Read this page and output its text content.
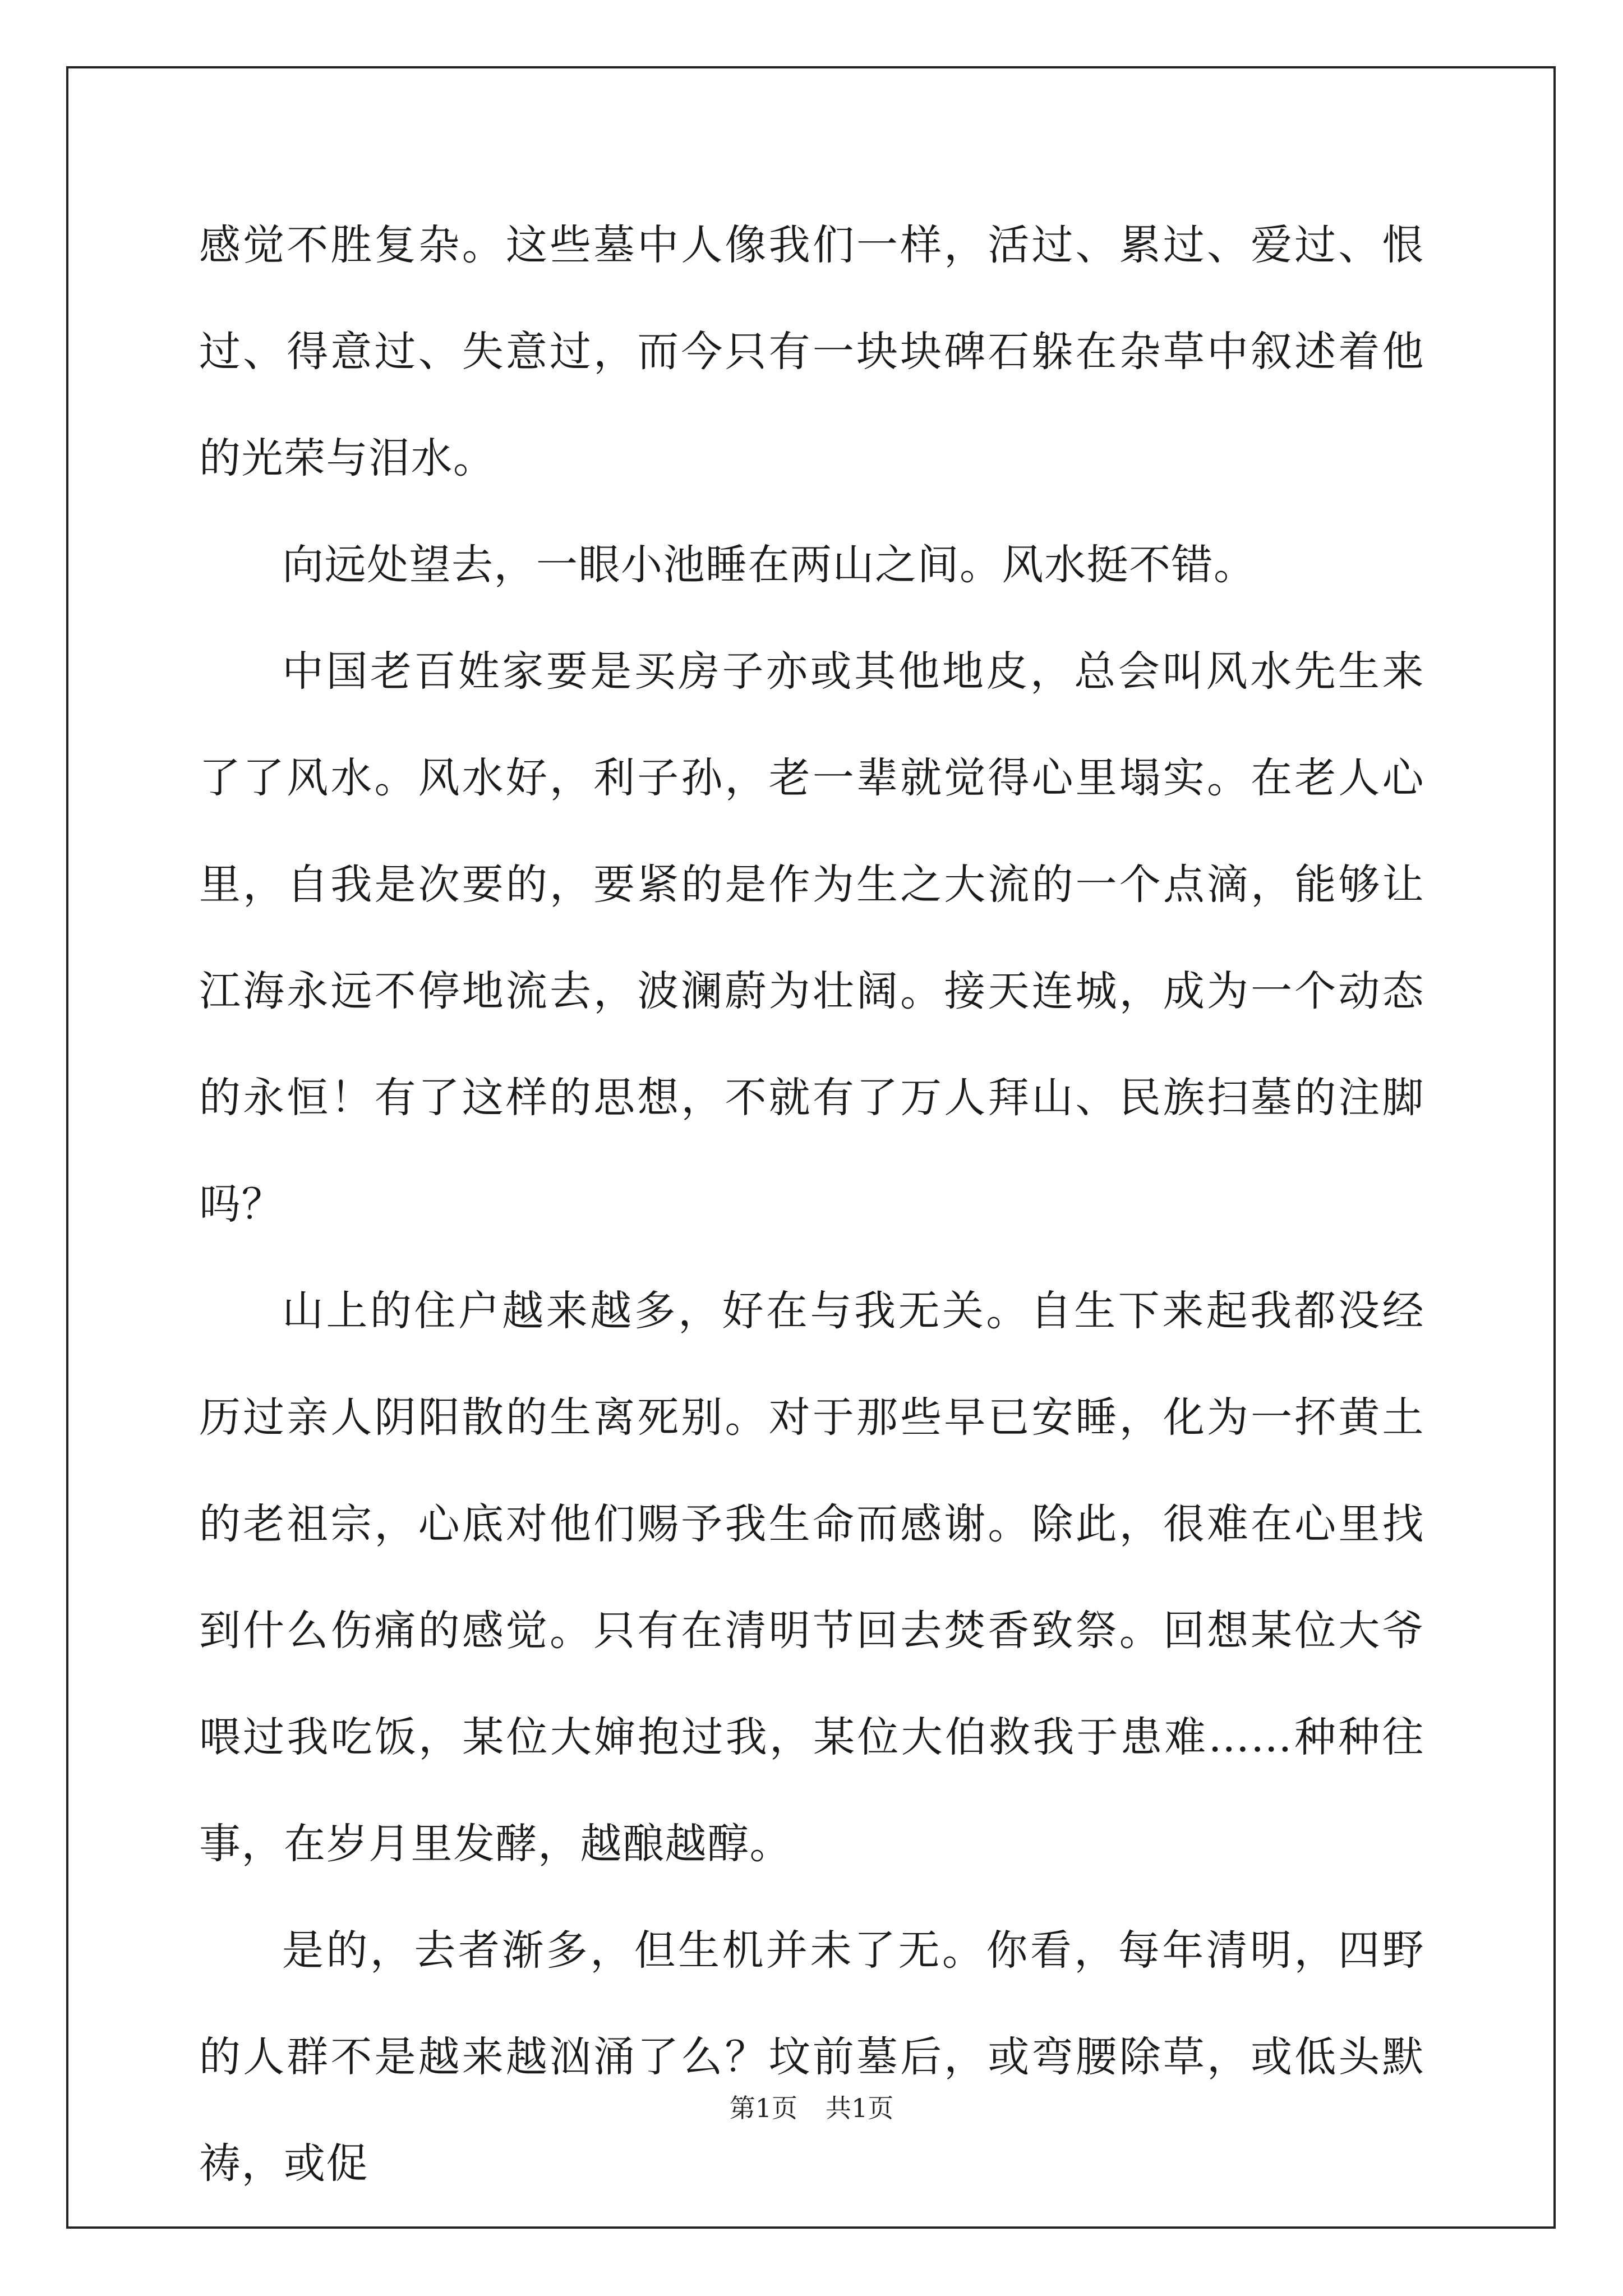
感觉不胜复杂。这些墓中人像我们一样，活过、累过、爱过、恨过、得意过、失意过，而今只有一块块碑石躲在杂草中叙述着他的光荣与泪水。

向远处望去，一眼小池睡在两山之间。风水挺不错。

中国老百姓家要是买房子亦或其他地皮，总会叫风水先生来了了风水。风水好，利子孙，老一辈就觉得心里塌实。在老人心里，自我是次要的，要紧的是作为生之大流的一个点滴，能够让江海永远不停地流去，波澜蔚为壮阔。接天连城，成为一个动态的永恒！有了这样的思想，不就有了万人拜山、民族扫墓的注脚吗？

山上的住户越来越多，好在与我无关。自生下来起我都没经历过亲人阴阳散的生离死别。对于那些早已安睡，化为一抔黄土的老祖宗，心底对他们赐予我生命而感谢。除此，很难在心里找到什么伤痛的感觉。只有在清明节回去焚香致祭。回想某位大爷喂过我吃饭，某位大婶抱过我，某位大伯救我于患难……种种往事，在岁月里发酵，越酿越醇。

是的，去者渐多，但生机并未了无。你看，每年清明，四野的人群不是越来越汹涌了么？坟前墓后，或弯腰除草，或低头默祷，或促

第1页 共1页
